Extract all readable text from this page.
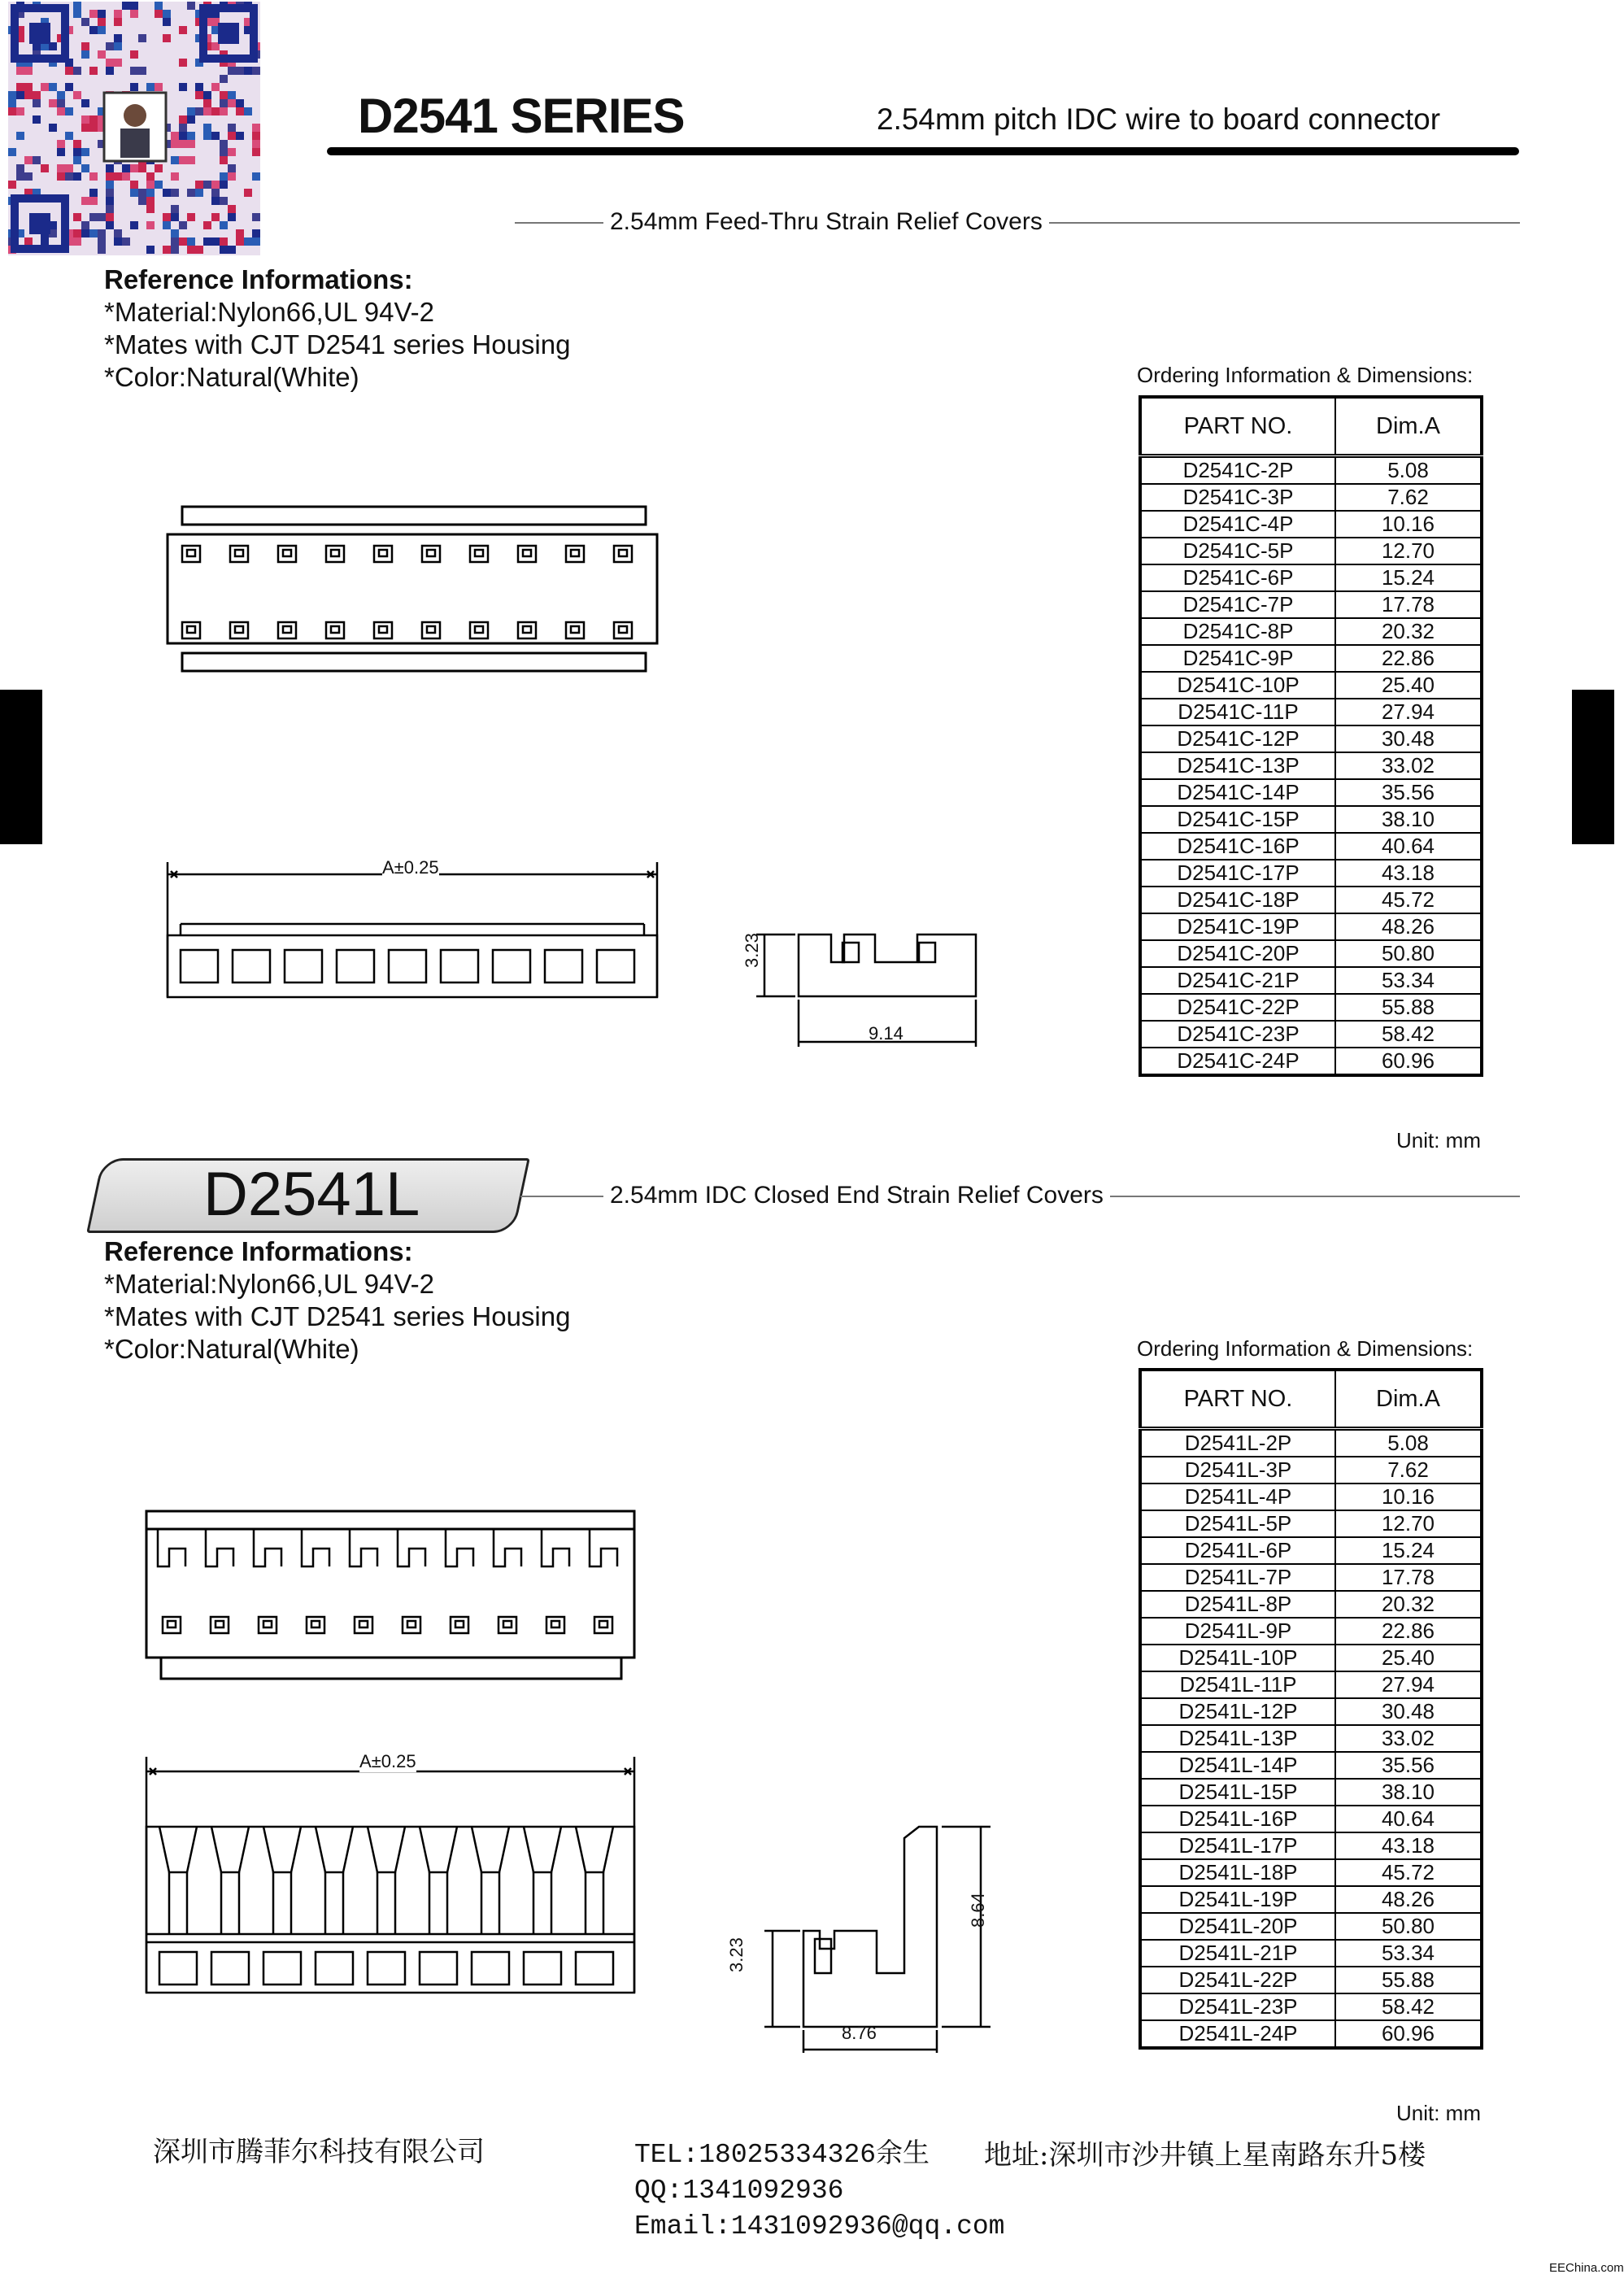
D2541 SERIES	2.54mm pitch IDC wire to board connector
2.54mm Feed-Thru Strain Relief Covers
Reference Informations:
*Material:Nylon66,UL 94V-2
*Mates with CJT D2541 series Housing
*Color:Natural(White)	Ordering Information & Dimensions:
PART NO.	Dim.A
D2541C-2P	5.08
D2541C-3P	7.62
D2541C-4P	10.16
D2541C-5P	12.70
D2541C-6P	15.24
D2541C-7P	17.78
D2541C-8P	20.32
D2541C-9P	22.86
D2541C-10P	25.40
D2541C-11P	27.94
D2541C-12P	30.48
D2541C-13P	33.02
D2541C-14P	35.56
D2541C-15P	38.10
D2541C-16P	40.64
D2541C-17P	43.18
D2541C-18P	45.72
D2541C-19P	48.26
D2541C-20P	50.80
D2541C-21P	53.34
D2541C-22P	55.88
D2541C-23P	58.42
D2541C-24P	60.96
Unit: mm
A±0.25
3.23
9.14
D2541L	2.54mm IDC Closed End Strain Relief Covers
Reference Informations:
*Material:Nylon66,UL 94V-2
*Mates with CJT D2541 series Housing
*Color:Natural(White)	Ordering Information & Dimensions:
PART NO.	Dim.A
D2541L-2P	5.08
D2541L-3P	7.62
D2541L-4P	10.16
D2541L-5P	12.70
D2541L-6P	15.24
D2541L-7P	17.78
D2541L-8P	20.32
D2541L-9P	22.86
D2541L-10P	25.40
D2541L-11P	27.94
D2541L-12P	30.48
D2541L-13P	33.02
D2541L-14P	35.56
D2541L-15P	38.10
D2541L-16P	40.64
D2541L-17P	43.18
D2541L-18P	45.72
D2541L-19P	48.26
D2541L-20P	50.80
D2541L-21P	53.34
D2541L-22P	55.88
D2541L-23P	58.42
D2541L-24P	60.96
Unit: mm
A±0.25
3.23
8.64
8.76
深圳市腾菲尔科技有限公司	TEL:18025334326余生
QQ:1341092936
Email:1431092936@qq.com
地址:深圳市沙井镇上星南路东升5楼
EEChina.com
